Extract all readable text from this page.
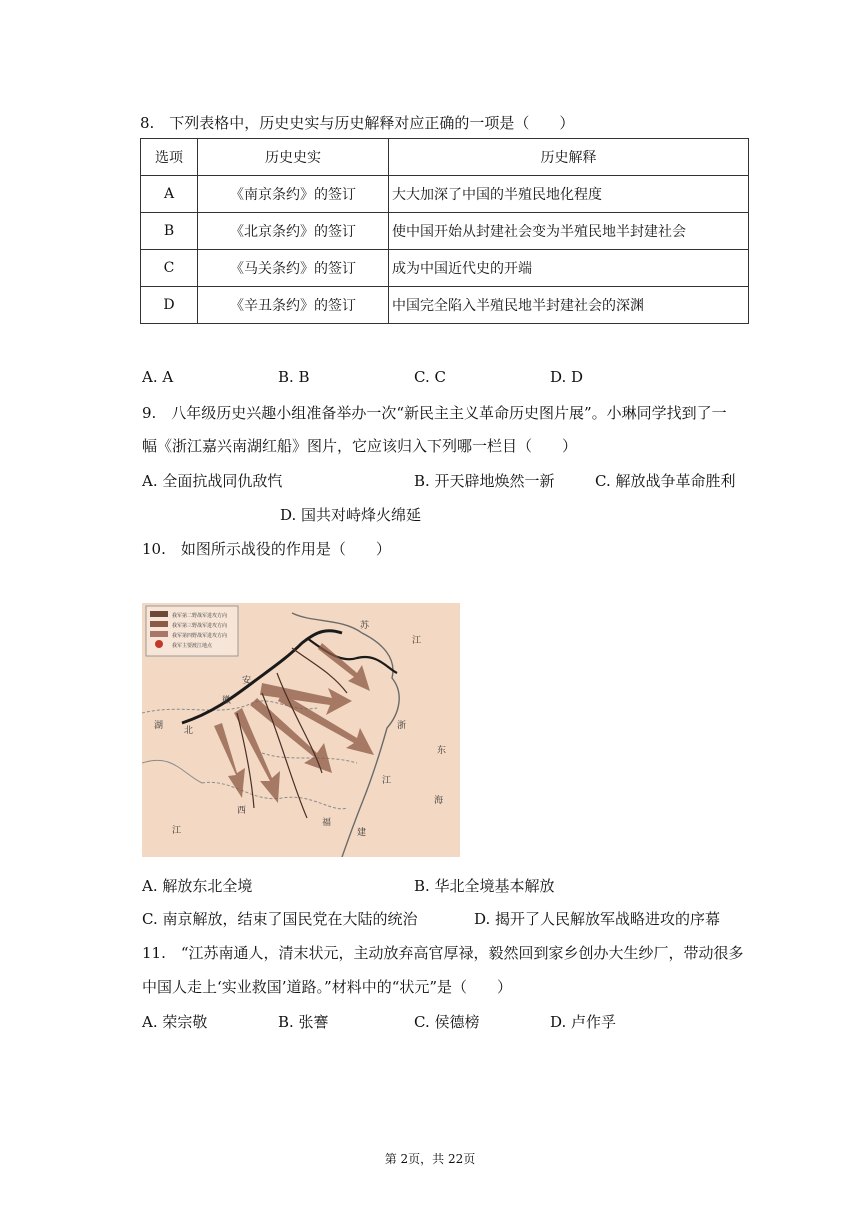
8.　下列表格中，历史史实与历史解释对应正确的一项是（　　）
选项	历史史实	历史解释
A	《南京条约》的签订	大大加深了中国的半殖民地化程度
B	《北京条约》的签订	使中国开始从封建社会变为半殖民地半封建社会
C	《马关条约》的签订	成为中国近代史的开端
D	《辛丑条约》的签订	中国完全陷入半殖民地半封建社会的深渊
A. A	B. B	C. C	D. D
9.　八年级历史兴趣小组准备举办一次“新民主主义革命历史图片展”。小琳同学找到了一
幅《浙江嘉兴南湖红船》图片，它应该归入下列哪一栏目（　　）
A. 全面抗战同仇敌忾	B. 开天辟地焕然一新	C. 解放战争革命胜利
D. 国共对峙烽火绵延
10.　如图所示战役的作用是（　　）
我军第二野战军进攻方向
我军第三野战军进攻方向
我军第四野战军进攻方向
我军主要渡江地点
苏
江
安
徽
湖 北	浙
东
海
江
西
江
福
建
A. 解放东北全境	B. 华北全境基本解放
C. 南京解放，结束了国民党在大陆的统治	D. 揭开了人民解放军战略进攻的序幕
11.　“江苏南通人，清末状元，主动放弃高官厚禄，毅然回到家乡创办大生纱厂，带动很多
中国人走上‘实业救国’道路。”材料中的“状元”是（　　）
A. 荣宗敬	B. 张謇	C. 侯德榜	D. 卢作孚
第 2页，共 22页
